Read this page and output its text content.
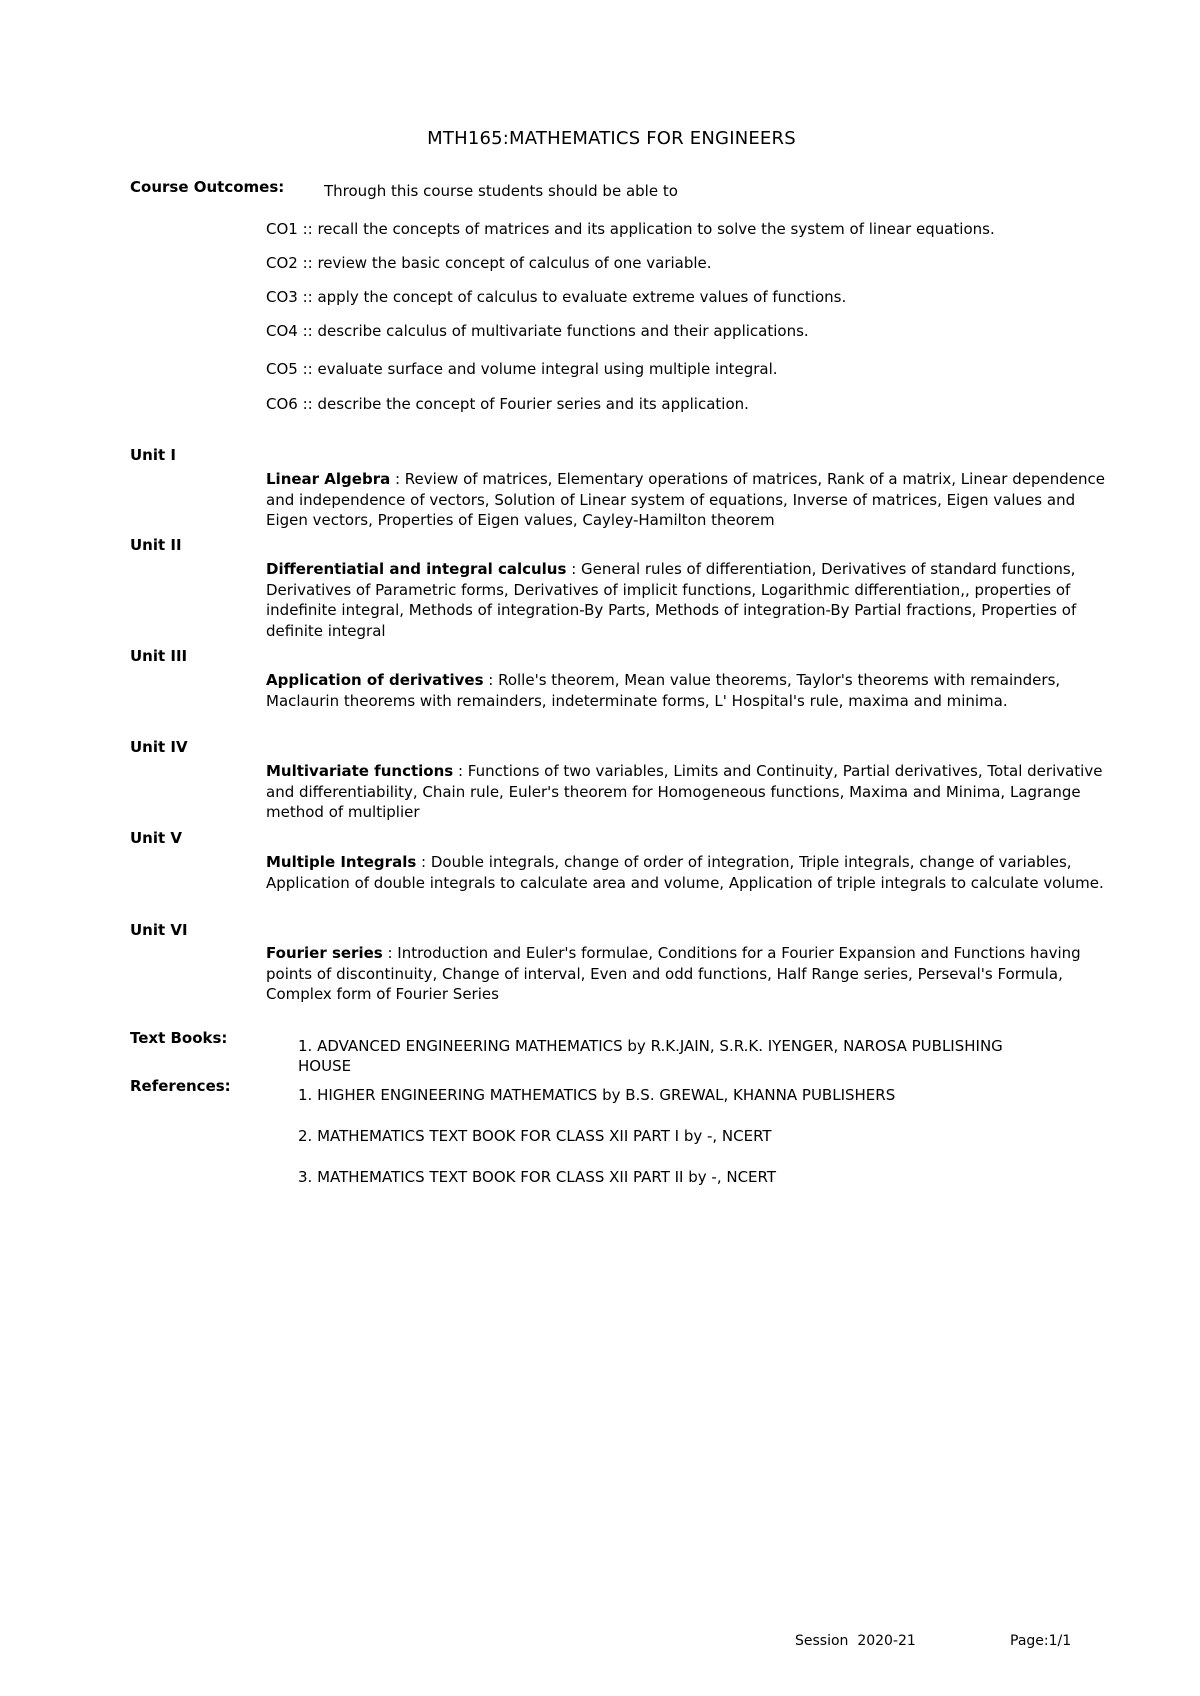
MTH165:MATHEMATICS FOR ENGINEERS
Course Outcomes:	Through this course students should be able to
CO1 :: recall the concepts of matrices and its application to solve the system of linear equations.
CO2 :: review the basic concept of calculus of one variable.
CO3 :: apply the concept of calculus to evaluate extreme values of functions.
CO4 :: describe calculus of multivariate functions and their applications.
CO5 :: evaluate surface and volume integral using multiple integral.
CO6 :: describe the concept of Fourier series and its application.
Unit I
Linear Algebra : Review of matrices, Elementary operations of matrices, Rank of a matrix, Linear dependence and independence of vectors, Solution of Linear system of equations, Inverse of matrices, Eigen values and Eigen vectors, Properties of Eigen values, Cayley-Hamilton theorem
Unit II
Differentiatial and integral calculus : General rules of differentiation, Derivatives of standard functions, Derivatives of Parametric forms, Derivatives of implicit functions, Logarithmic differentiation,, properties of indefinite integral, Methods of integration-By Parts, Methods of integration-By Partial fractions, Properties of definite integral
Unit III
Application of derivatives : Rolle's theorem, Mean value theorems, Taylor's theorems with remainders, Maclaurin theorems with remainders, indeterminate forms, L' Hospital's rule, maxima and minima.
Unit IV
Multivariate functions : Functions of two variables, Limits and Continuity, Partial derivatives, Total derivative and differentiability, Chain rule, Euler's theorem for Homogeneous functions, Maxima and Minima, Lagrange method of multiplier
Unit V
Multiple Integrals : Double integrals, change of order of integration, Triple integrals, change of variables, Application of double integrals to calculate area and volume, Application of triple integrals to calculate volume.
Unit VI
Fourier series : Introduction and Euler's formulae, Conditions for a Fourier Expansion and Functions having points of discontinuity, Change of interval, Even and odd functions, Half Range series, Perseval's Formula, Complex form of Fourier Series
Text Books:	1. ADVANCED ENGINEERING MATHEMATICS by R.K.JAIN, S.R.K. IYENGER, NAROSA PUBLISHING HOUSE
References:	1. HIGHER ENGINEERING MATHEMATICS by B.S. GREWAL, KHANNA PUBLISHERS
2. MATHEMATICS TEXT BOOK FOR CLASS XII PART I by -, NCERT
3. MATHEMATICS TEXT BOOK FOR CLASS XII PART II by -, NCERT
Session  2020-21	Page:1/1
